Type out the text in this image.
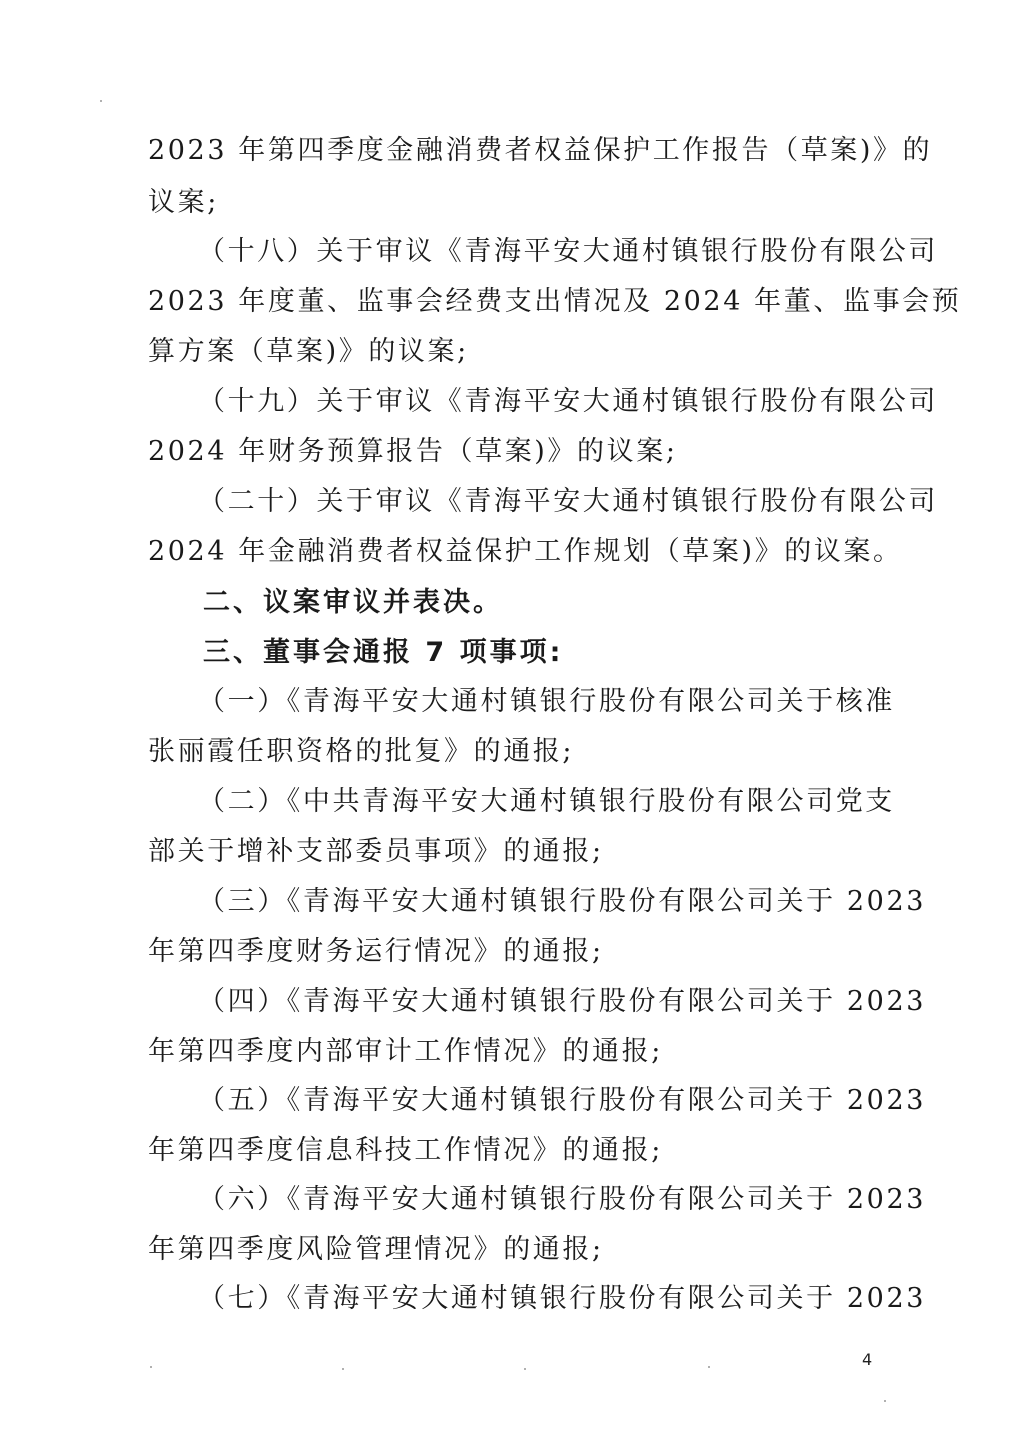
2023 年第四季度金融消费者权益保护工作报告（草案)》的
议案;
（十八）关于审议《青海平安大通村镇银行股份有限公司
2023 年度董、监事会经费支出情况及 2024 年董、监事会预
算方案（草案)》的议案;
（十九）关于审议《青海平安大通村镇银行股份有限公司
2024 年财务预算报告（草案)》的议案;
（二十）关于审议《青海平安大通村镇银行股份有限公司
2024 年金融消费者权益保护工作规划（草案)》的议案。
二、议案审议并表决。
三、董事会通报 7 项事项:
（一）《青海平安大通村镇银行股份有限公司关于核准
张丽霞任职资格的批复》的通报;
（二）《中共青海平安大通村镇银行股份有限公司党支
部关于增补支部委员事项》的通报;
（三）《青海平安大通村镇银行股份有限公司关于 2023
年第四季度财务运行情况》的通报;
（四）《青海平安大通村镇银行股份有限公司关于 2023
年第四季度内部审计工作情况》的通报;
（五）《青海平安大通村镇银行股份有限公司关于 2023
年第四季度信息科技工作情况》的通报;
（六）《青海平安大通村镇银行股份有限公司关于 2023
年第四季度风险管理情况》的通报;
（七）《青海平安大通村镇银行股份有限公司关于 2023
4
